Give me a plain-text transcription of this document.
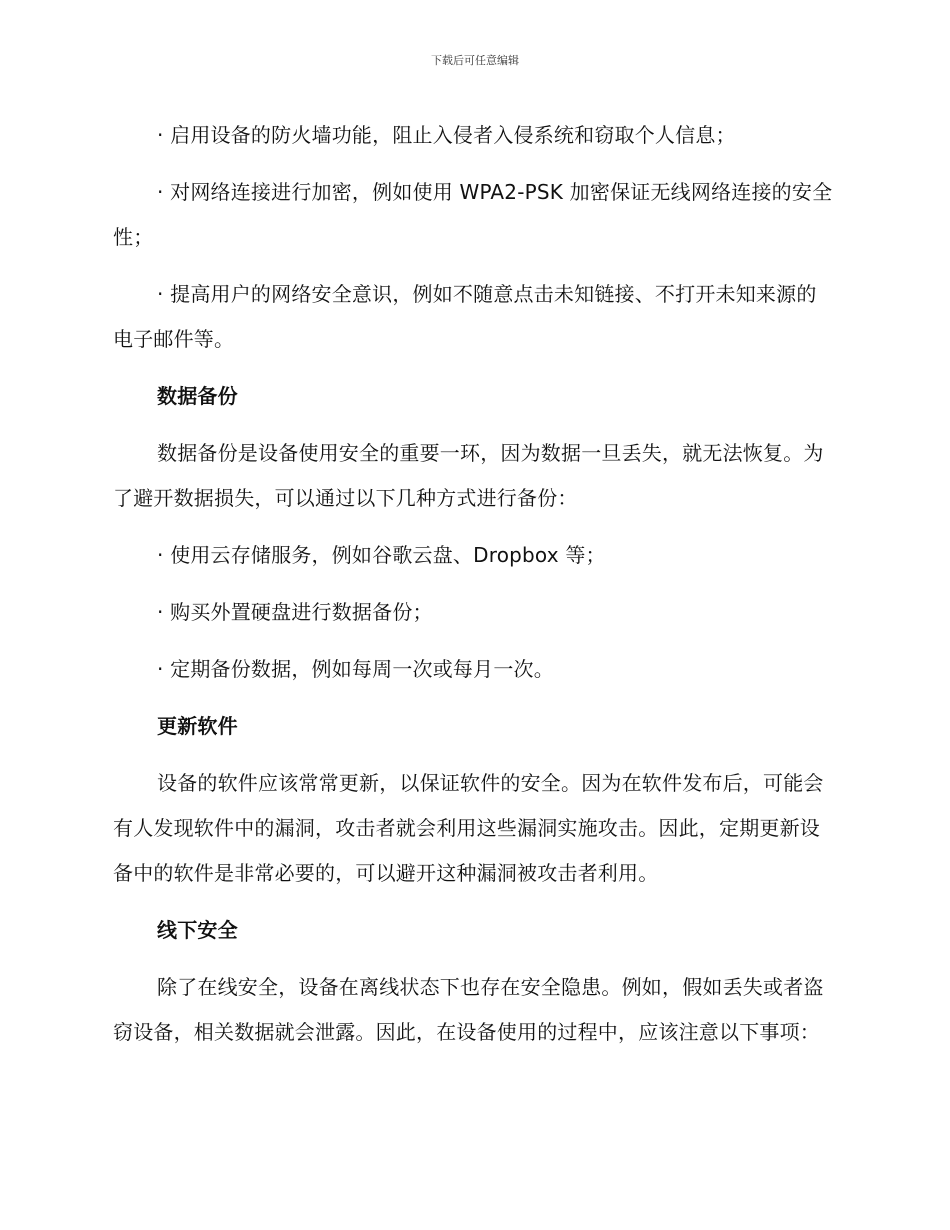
下载后可任意编辑

· 启用设备的防火墙功能，阻止入侵者入侵系统和窃取个人信息；

· 对网络连接进行加密，例如使用 WPA2-PSK 加密保证无线网络连接的安全性；

· 提高用户的网络安全意识，例如不随意点击未知链接、不打开未知来源的电子邮件等。

数据备份

数据备份是设备使用安全的重要一环，因为数据一旦丢失，就无法恢复。为了避开数据损失，可以通过以下几种方式进行备份：

· 使用云存储服务，例如谷歌云盘、Dropbox 等；

· 购买外置硬盘进行数据备份；

· 定期备份数据，例如每周一次或每月一次。

更新软件

设备的软件应该常常更新，以保证软件的安全。因为在软件发布后，可能会有人发现软件中的漏洞，攻击者就会利用这些漏洞实施攻击。因此，定期更新设备中的软件是非常必要的，可以避开这种漏洞被攻击者利用。

线下安全

除了在线安全，设备在离线状态下也存在安全隐患。例如，假如丢失或者盗窃设备，相关数据就会泄露。因此，在设备使用的过程中，应该注意以下事项：
